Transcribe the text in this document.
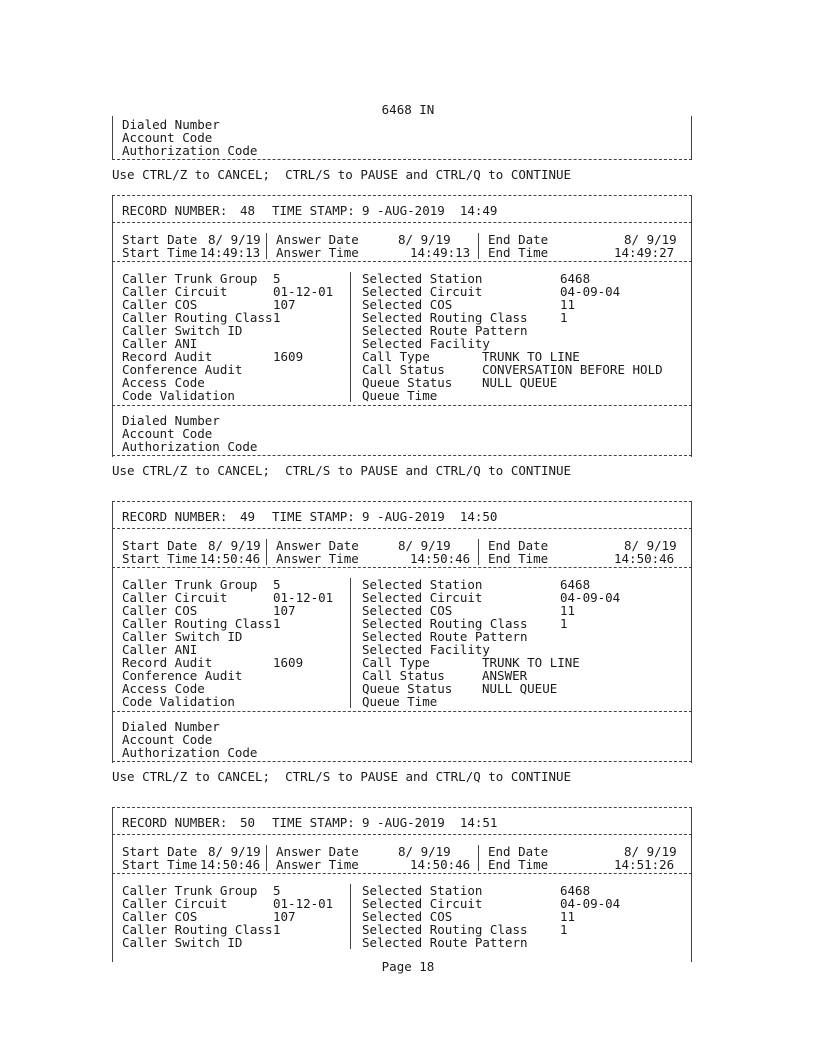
6468 IN
Dialed Number
Account Code
Authorization Code
Use CTRL/Z to CANCEL;  CTRL/S to PAUSE and CTRL/Q to CONTINUE
RECORD NUMBER: 48 TIME STAMP: 9 -AUG-2019  14:49
Start Date 8/ 9/19 Answer Date	8/ 9/19	End Date	8/ 9/19
Start Time 14:49:13 Answer Time	14:49:13 End Time	14:49:27
Caller Trunk Group 5	Selected Station	6468
Caller Circuit	01-12-01 Selected Circuit	04-09-04
Caller COS	107	Selected COS	11
Caller Routing Class 1	Selected Routing Class	1
Caller Switch ID	Selected Route Pattern
Caller ANI	Selected Facility
Record Audit	1609	Call Type	TRUNK TO LINE
Conference Audit	Call Status	CONVERSATION BEFORE HOLD
Access Code	Queue Status NULL QUEUE
Code Validation	Queue Time
Dialed Number
Account Code
Authorization Code
Use CTRL/Z to CANCEL;  CTRL/S to PAUSE and CTRL/Q to CONTINUE
RECORD NUMBER: 49 TIME STAMP: 9 -AUG-2019  14:50
Start Date 8/ 9/19 Answer Date	8/ 9/19	End Date	8/ 9/19
Start Time 14:50:46 Answer Time	14:50:46 End Time	14:50:46
Caller Trunk Group 5	Selected Station	6468
Caller Circuit	01-12-01 Selected Circuit	04-09-04
Caller COS	107	Selected COS	11
Caller Routing Class 1	Selected Routing Class	1
Caller Switch ID	Selected Route Pattern
Caller ANI	Selected Facility
Record Audit	1609	Call Type	TRUNK TO LINE
Conference Audit	Call Status	ANSWER
Access Code	Queue Status NULL QUEUE
Code Validation	Queue Time
Dialed Number
Account Code
Authorization Code
Use CTRL/Z to CANCEL;  CTRL/S to PAUSE and CTRL/Q to CONTINUE
RECORD NUMBER: 50 TIME STAMP: 9 -AUG-2019  14:51
Start Date 8/ 9/19 Answer Date	8/ 9/19	End Date	8/ 9/19
Start Time 14:50:46 Answer Time	14:50:46 End Time	14:51:26
Caller Trunk Group 5	Selected Station	6468
Caller Circuit	01-12-01 Selected Circuit	04-09-04
Caller COS	107	Selected COS	11
Caller Routing Class 1	Selected Routing Class	1
Caller Switch ID	Selected Route Pattern
Page 18
